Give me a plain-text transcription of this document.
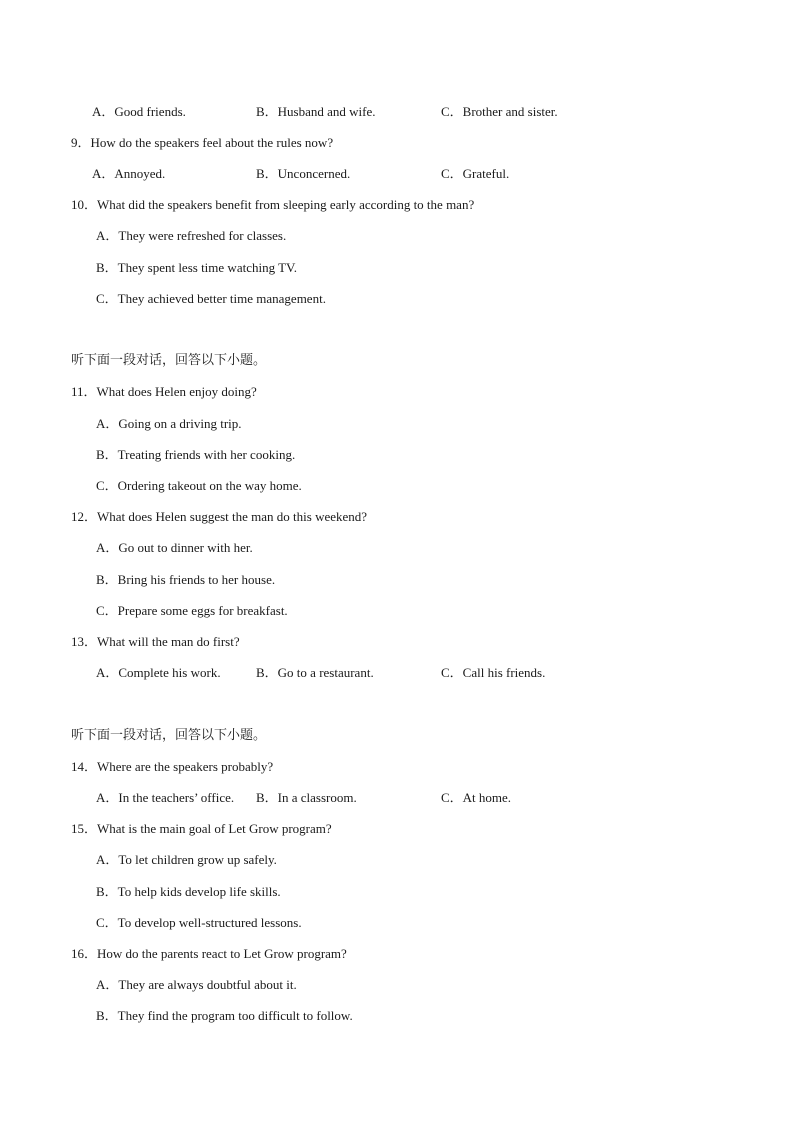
A．Good friends.	B．Husband and wife.	C．Brother and sister.
9．How do the speakers feel about the rules now?
A．Annoyed.	B．Unconcerned.	C．Grateful.
10．What did the speakers benefit from sleeping early according to the man?
A．They were refreshed for classes.
B．They spent less time watching TV.
C．They achieved better time management.
听下面一段对话，回答以下小题。
11．What does Helen enjoy doing?
A．Going on a driving trip.
B．Treating friends with her cooking.
C．Ordering takeout on the way home.
12．What does Helen suggest the man do this weekend?
A．Go out to dinner with her.
B．Bring his friends to her house.
C．Prepare some eggs for breakfast.
13．What will the man do first?
A．Complete his work.	B．Go to a restaurant.	C．Call his friends.
听下面一段对话，回答以下小题。
14．Where are the speakers probably?
A．In the teachers’ office. B．In a classroom.	C．At home.
15．What is the main goal of Let Grow program?
A．To let children grow up safely.
B．To help kids develop life skills.
C．To develop well-structured lessons.
16．How do the parents react to Let Grow program?
A．They are always doubtful about it.
B．They find the program too difficult to follow.
